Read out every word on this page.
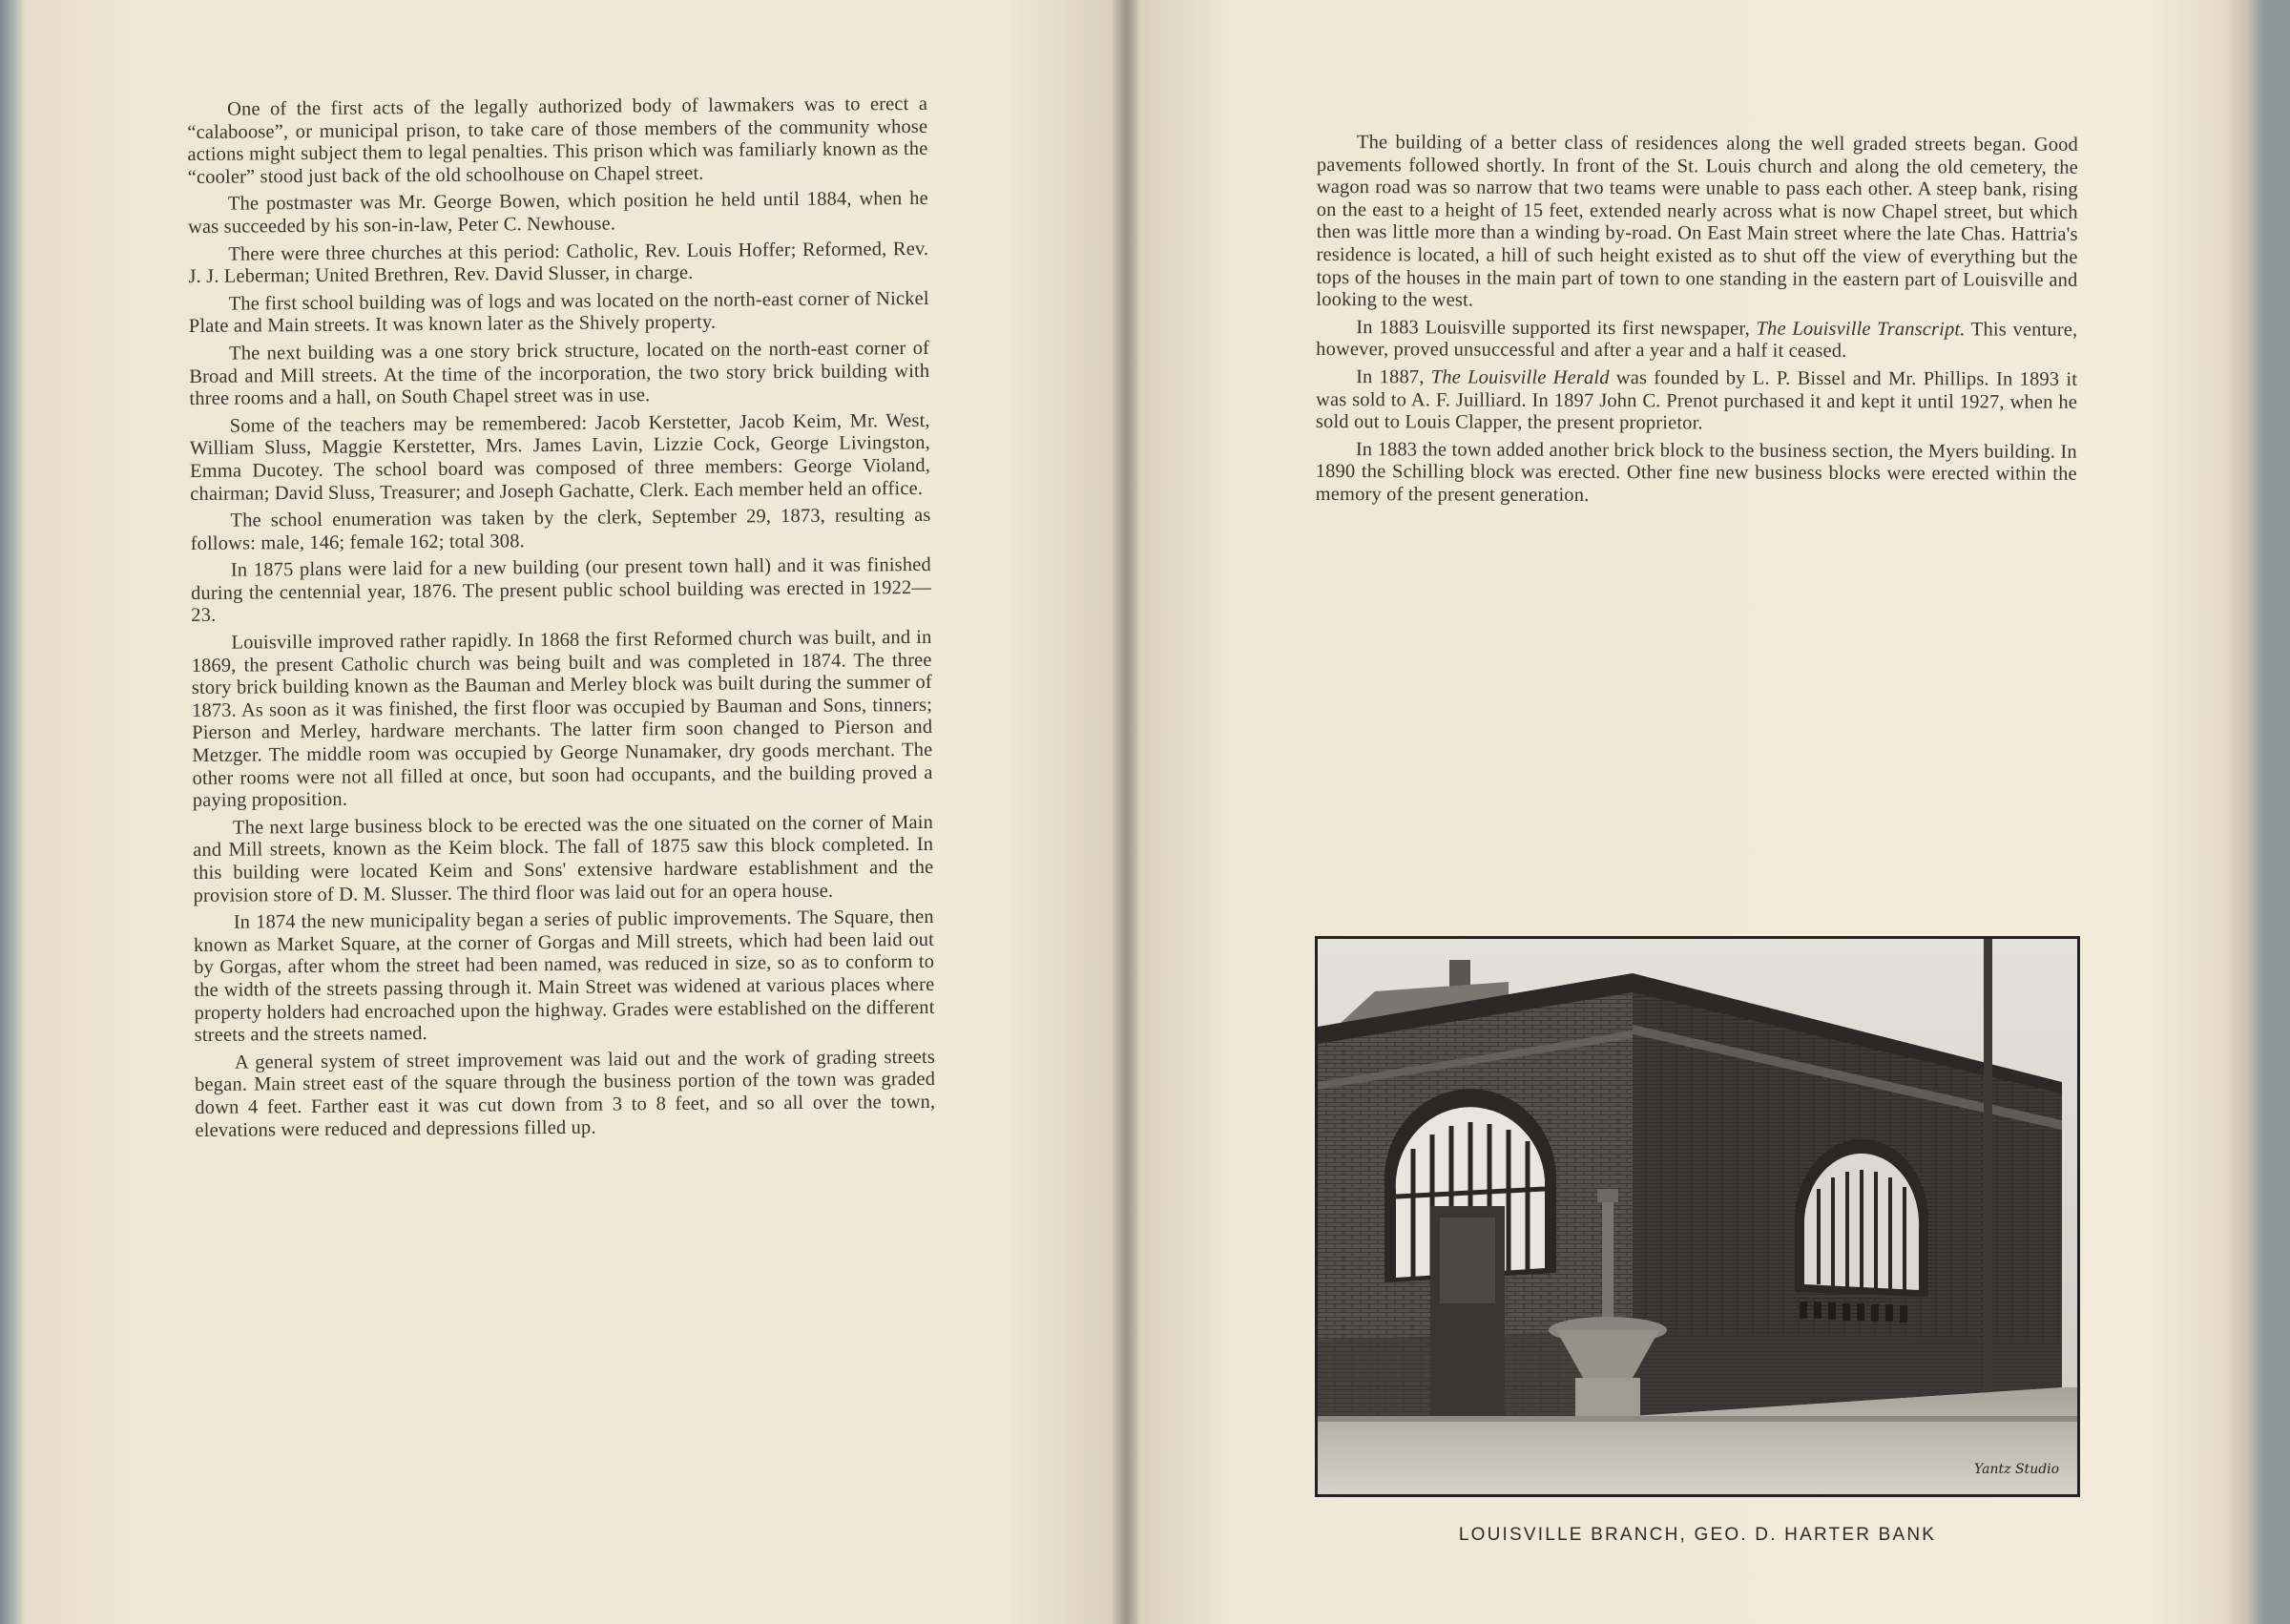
One of the first acts of the legally authorized body of lawmakers was to erect a “calaboose”, or municipal prison, to take care of those members of the community whose actions might subject them to legal penalties. This prison which was familiarly known as the “cooler” stood just back of the old schoolhouse on Chapel street.

The postmaster was Mr. George Bowen, which position he held until 1884, when he was succeeded by his son-in-law, Peter C. Newhouse.

There were three churches at this period: Catholic, Rev. Louis Hoffer; Reformed, Rev. J. J. Leberman; United Brethren, Rev. David Slusser, in charge.

The first school building was of logs and was located on the north-east corner of Nickel Plate and Main streets. It was known later as the Shively property.

The next building was a one story brick structure, located on the north-east corner of Broad and Mill streets. At the time of the incorporation, the two story brick building with three rooms and a hall, on South Chapel street was in use.

Some of the teachers may be remembered: Jacob Kerstetter, Jacob Keim, Mr. West, William Sluss, Maggie Kerstetter, Mrs. James Lavin, Lizzie Cock, George Livingston, Emma Ducotey. The school board was composed of three members: George Violand, chairman; David Sluss, Treasurer; and Joseph Gachatte, Clerk. Each member held an office.

The school enumeration was taken by the clerk, September 29, 1873, resulting as follows: male, 146; female 162; total 308.

In 1875 plans were laid for a new building (our present town hall) and it was finished during the centennial year, 1876. The present public school building was erected in 1922—23.

Louisville improved rather rapidly. In 1868 the first Reformed church was built, and in 1869, the present Catholic church was being built and was completed in 1874. The three story brick building known as the Bauman and Merley block was built during the summer of 1873. As soon as it was finished, the first floor was occupied by Bauman and Sons, tinners; Pierson and Merley, hardware merchants. The latter firm soon changed to Pierson and Metzger. The middle room was occupied by George Nunamaker, dry goods merchant. The other rooms were not all filled at once, but soon had occupants, and the building proved a paying proposition.

The next large business block to be erected was the one situated on the corner of Main and Mill streets, known as the Keim block. The fall of 1875 saw this block completed. In this building were located Keim and Sons' extensive hardware establishment and the provision store of D. M. Slusser. The third floor was laid out for an opera house.

In 1874 the new municipality began a series of public improvements. The Square, then known as Market Square, at the corner of Gorgas and Mill streets, which had been laid out by Gorgas, after whom the street had been named, was reduced in size, so as to conform to the width of the streets passing through it. Main Street was widened at various places where property holders had encroached upon the highway. Grades were established on the different streets and the streets named.

A general system of street improvement was laid out and the work of grading streets began. Main street east of the square through the business portion of the town was graded down 4 feet. Farther east it was cut down from 3 to 8 feet, and so all over the town, elevations were reduced and depressions filled up.

The building of a better class of residences along the well graded streets began. Good pavements followed shortly. In front of the St. Louis church and along the old cemetery, the wagon road was so narrow that two teams were unable to pass each other. A steep bank, rising on the east to a height of 15 feet, extended nearly across what is now Chapel street, but which then was little more than a winding by-road. On East Main street where the late Chas. Hattria's residence is located, a hill of such height existed as to shut off the view of everything but the tops of the houses in the main part of town to one standing in the eastern part of Louisville and looking to the west.

In 1883 Louisville supported its first newspaper, The Louisville Transcript. This venture, however, proved unsuccessful and after a year and a half it ceased.

In 1887, The Louisville Herald was founded by L. P. Bissel and Mr. Phillips. In 1893 it was sold to A. F. Juilliard. In 1897 John C. Prenot purchased it and kept it until 1927, when he sold out to Louis Clapper, the present proprietor.

In 1883 the town added another brick block to the business section, the Myers building. In 1890 the Schilling block was erected. Other fine new business blocks were erected within the memory of the present generation.

Yantz Studio
LOUISVILLE BRANCH, GEO. D. HARTER BANK
